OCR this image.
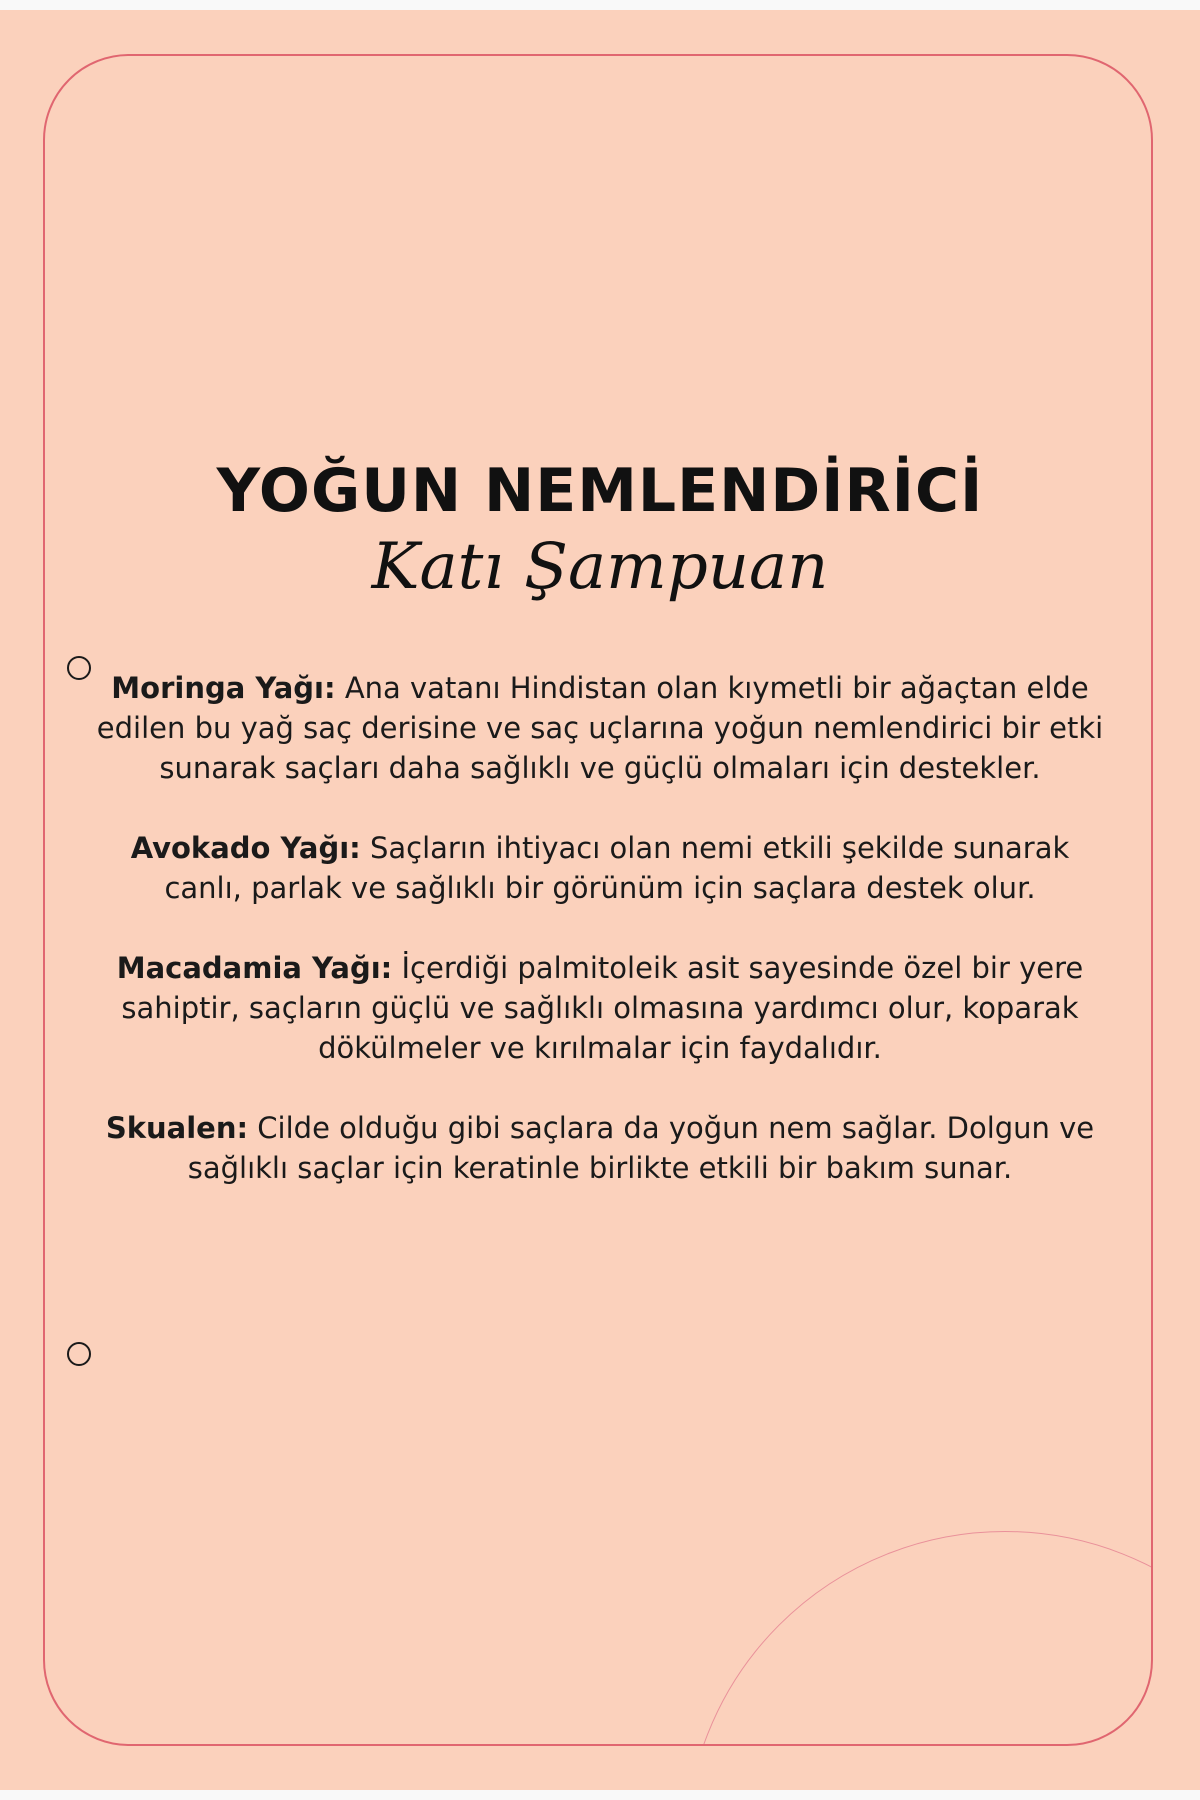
YOĞUN NEMLENDİRİCİ
Katı Şampuan

Moringa Yağı: Ana vatanı Hindistan olan kıymetli bir ağaçtan elde edilen bu yağ saç derisine ve saç uçlarına yoğun nemlendirici bir etki sunarak saçları daha sağlıklı ve güçlü olmaları için destekler.

Avokado Yağı: Saçların ihtiyacı olan nemi etkili şekilde sunarak canlı, parlak ve sağlıklı bir görünüm için saçlara destek olur.

Macadamia Yağı: İçerdiği palmitoleik asit sayesinde özel bir yere sahiptir, saçların güçlü ve sağlıklı olmasına yardımcı olur, koparak dökülmeler ve kırılmalar için faydalıdır.

Skualen: Cilde olduğu gibi saçlara da yoğun nem sağlar. Dolgun ve sağlıklı saçlar için keratinle birlikte etkili bir bakım sunar.
